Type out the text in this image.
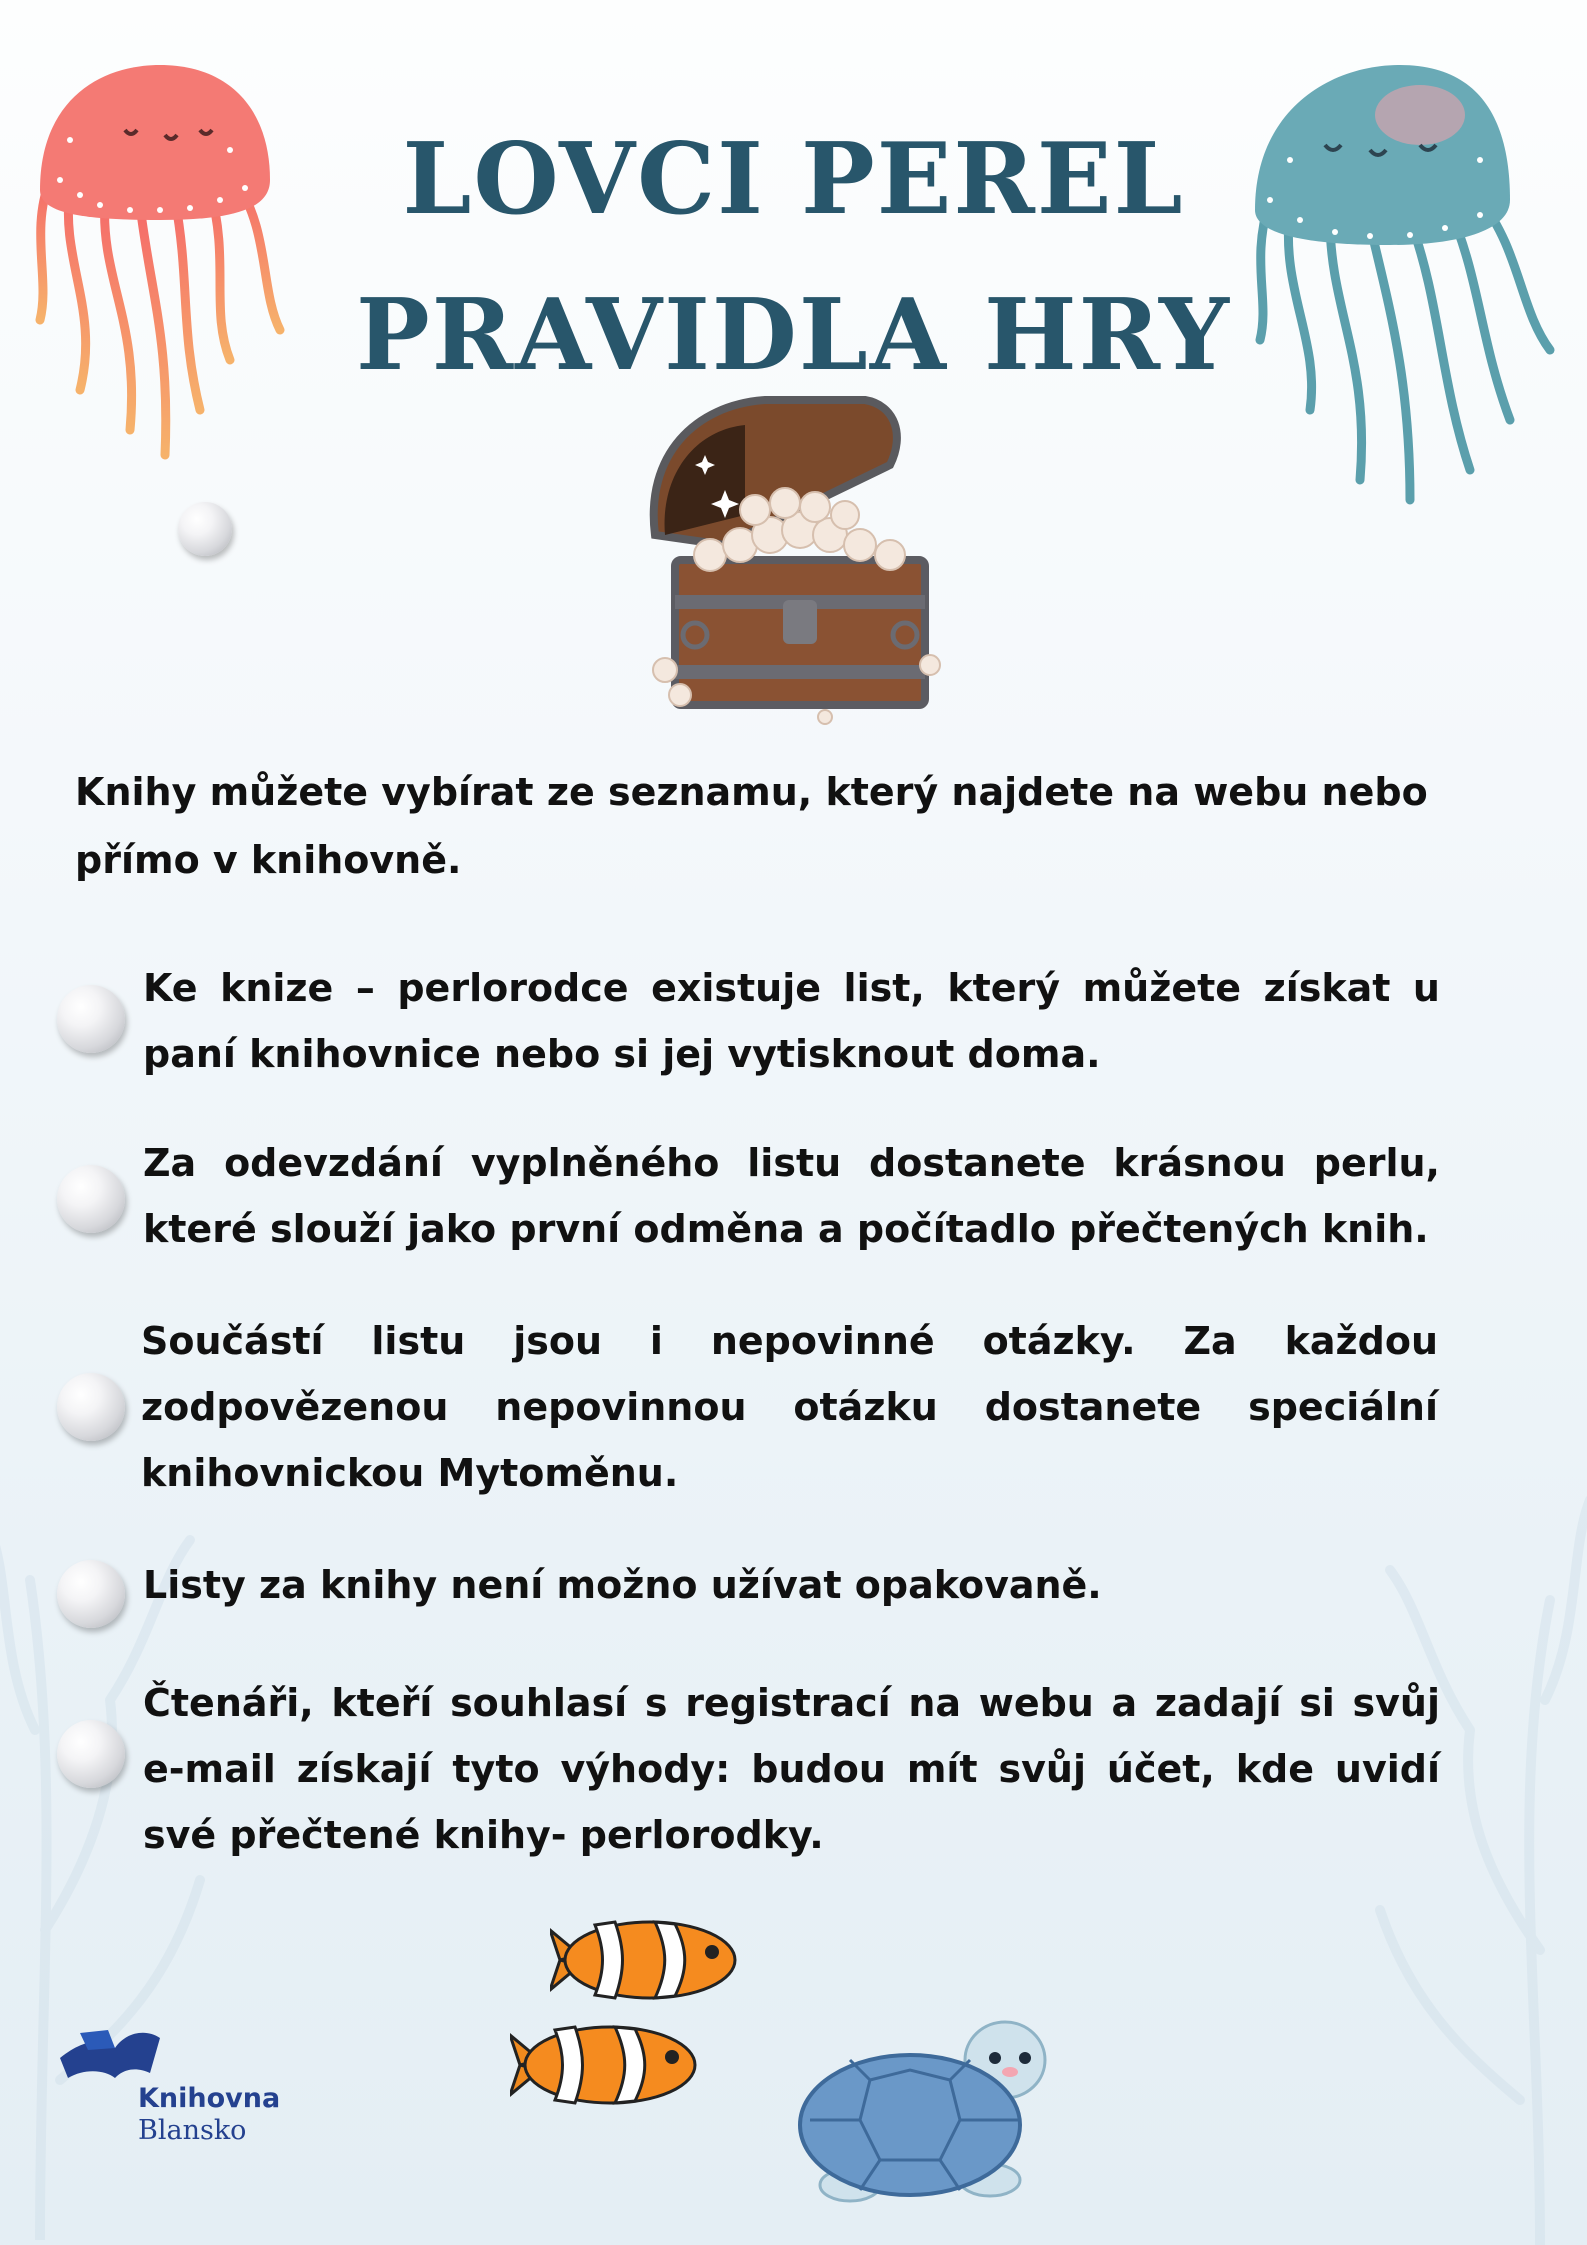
LOVCI PEREL
PRAVIDLA HRY

Knihy můžete vybírat ze seznamu, který najdete na webu nebo přímo v knihovně.

Ke knize – perlorodce existuje list, který můžete získat u paní knihovnice nebo si jej vytisknout doma.

Za odevzdání vyplněného listu dostanete krásnou perlu, které slouží jako první odměna a počítadlo přečtených knih.

Součástí listu jsou i nepovinné otázky. Za každou zodpovězenou nepovinnou otázku dostanete speciální knihovnickou Mytoměnu.

Listy za knihy není možno užívat opakovaně.

Čtenáři, kteří souhlasí s registrací na webu a zadají si svůj e-mail získají tyto výhody: budou mít svůj účet, kde uvidí své přečtené knihy- perlorodky.

Knihovna

Blansko
